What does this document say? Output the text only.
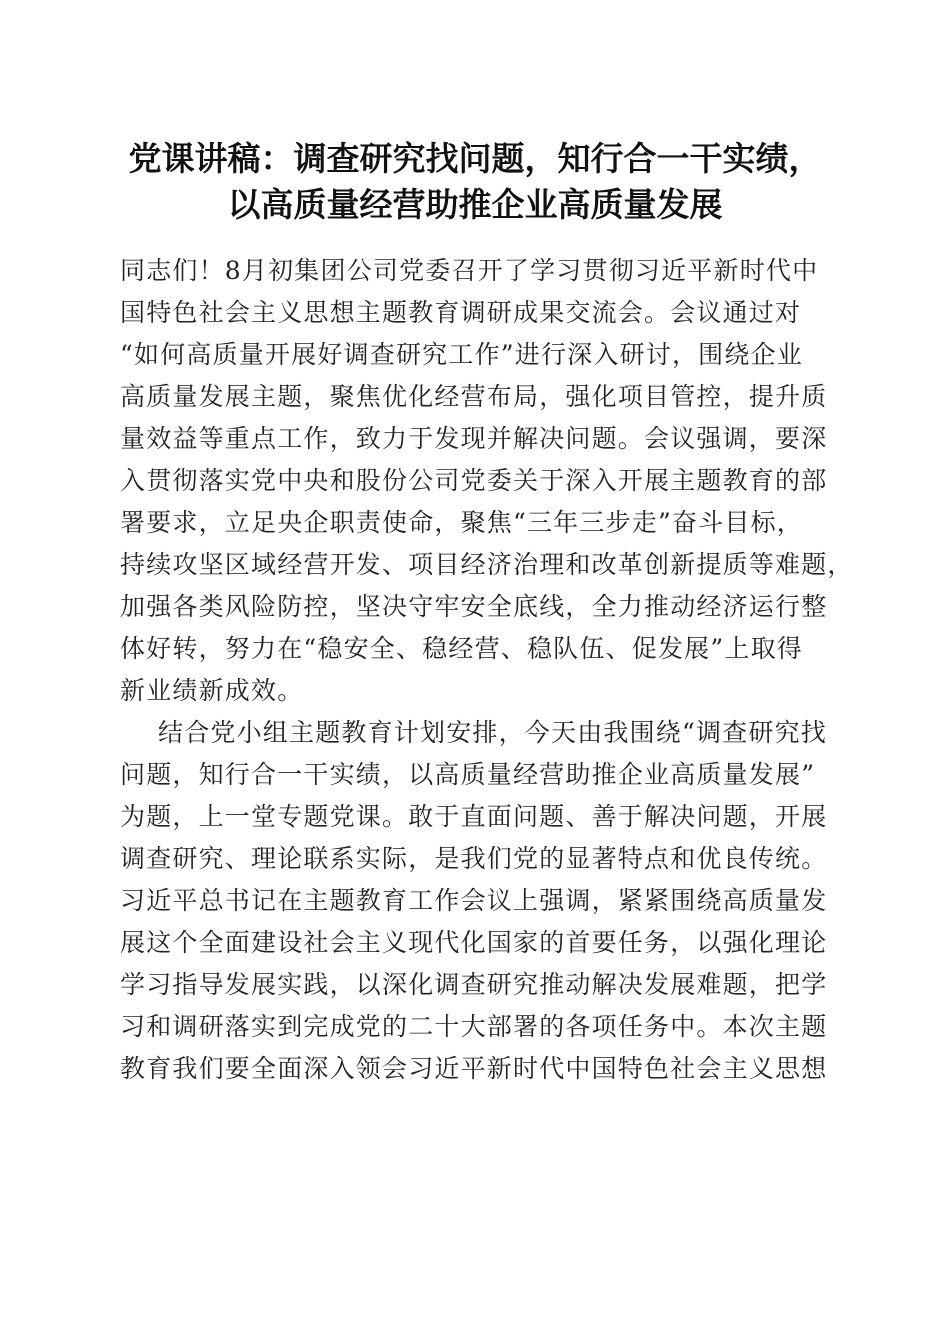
党课讲稿：调查研究找问题，知行合一干实绩，
以高质量经营助推企业高质量发展
同志们！8月初集团公司党委召开了学习贯彻习近平新时代中
国特色社会主义思想主题教育调研成果交流会。会议通过对
“如何高质量开展好调查研究工作”进行深入研讨，围绕企业
高质量发展主题，聚焦优化经营布局，强化项目管控，提升质
量效益等重点工作，致力于发现并解决问题。会议强调，要深
入贯彻落实党中央和股份公司党委关于深入开展主题教育的部
署要求，立足央企职责使命，聚焦“三年三步走”奋斗目标，
持续攻坚区域经营开发、项目经济治理和改革创新提质等难题，
加强各类风险防控，坚决守牢安全底线，全力推动经济运行整
体好转，努力在“稳安全、稳经营、稳队伍、促发展”上取得
新业绩新成效。
结合党小组主题教育计划安排，今天由我围绕“调查研究找
问题，知行合一干实绩，以高质量经营助推企业高质量发展”
为题，上一堂专题党课。敢于直面问题、善于解决问题，开展
调查研究、理论联系实际，是我们党的显著特点和优良传统。
习近平总书记在主题教育工作会议上强调，紧紧围绕高质量发
展这个全面建设社会主义现代化国家的首要任务，以强化理论
学习指导发展实践，以深化调查研究推动解决发展难题，把学
习和调研落实到完成党的二十大部署的各项任务中。本次主题
教育我们要全面深入领会习近平新时代中国特色社会主义思想
